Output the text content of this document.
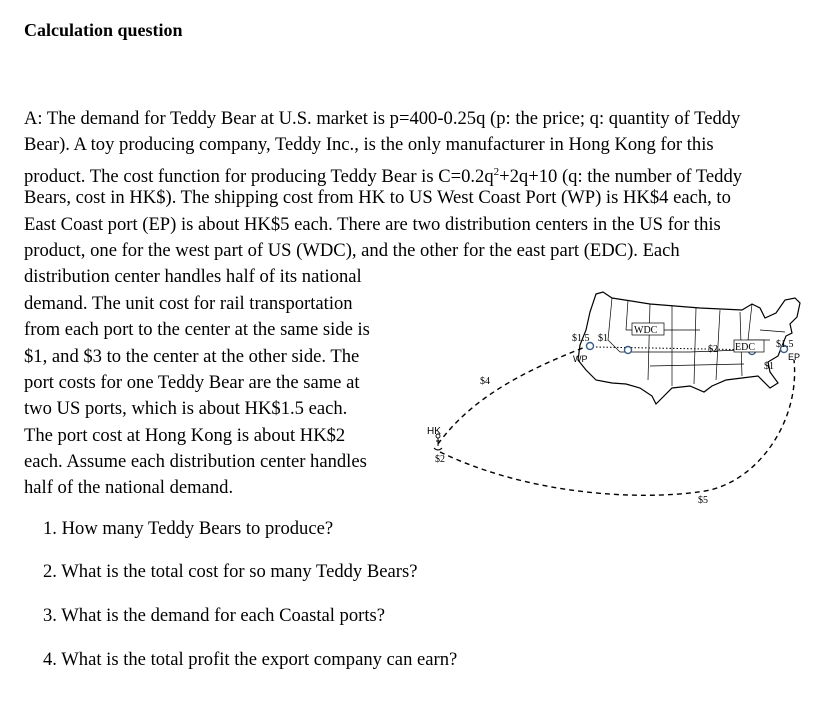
Calculation question
A: The demand for Teddy Bear at U.S. market is p=400-0.25q (p: the price; q: quantity of Teddy
Bear). A toy producing company, Teddy Inc., is the only manufacturer in Hong Kong for this
product. The cost function for producing Teddy Bear is $C=0.2q^2+2q+10$ (q: the number of Teddy
Bears, cost in HK$). The shipping cost from HK to US West Coast Port (WP) is HK$4 each, to
East Coast port (EP) is about HK$5 each. There are two distribution centers in the US for this
product, one for the west part of US (WDC), and the other for the east part (EDC). Each
distribution center handles half of its national
demand. The unit cost for rail transportation
from each port to the center at the same side is
$1, and $3 to the center at the other side. The
port costs for one Teddy Bear are the same at
two US ports, which is about HK$1.5 each.
The port cost at Hong Kong is about HK$2
each. Assume each distribution center handles
half of the national demand.
HK
$2
$4
$5
WP	EP
WDC
EDC
$1.5
$1.5
$1
$1
$2
1. How many Teddy Bears to produce?
2. What is the total cost for so many Teddy Bears?
3. What is the demand for each Coastal ports?
4. What is the total profit the export company can earn?
